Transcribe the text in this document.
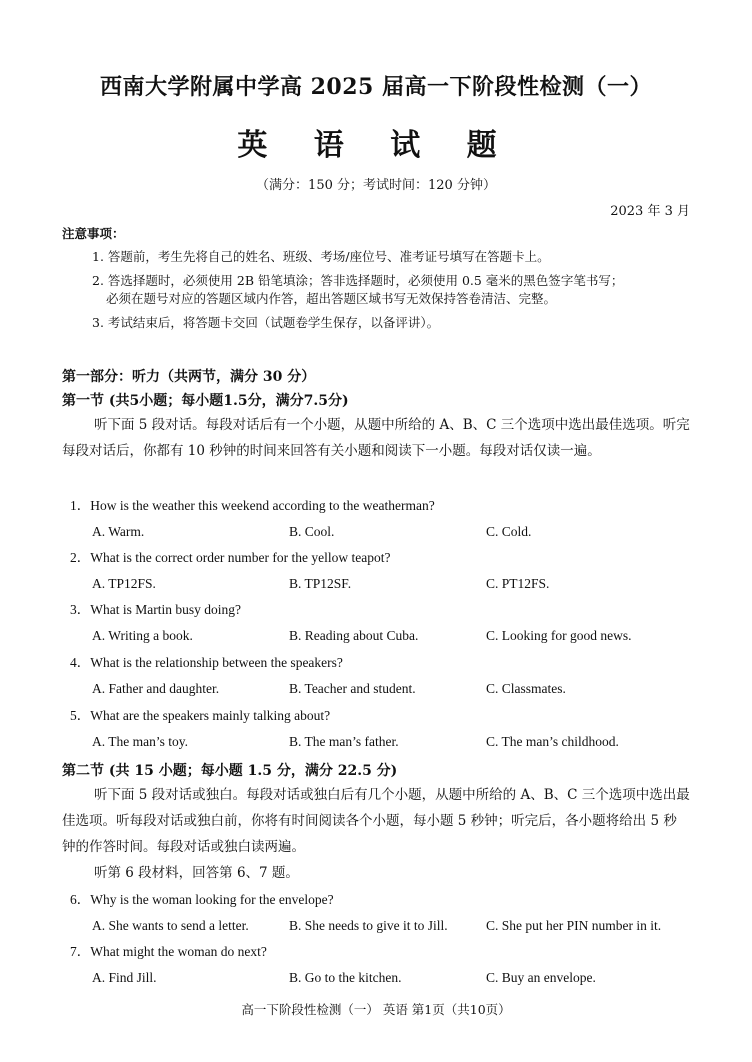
西南大学附属中学高 2025 届高一下阶段性检测（一）
英 语 试 题
（满分：150 分；考试时间：120 分钟）
2023 年 3 月
注意事项：
1. 答题前，考生先将自己的姓名、班级、考场/座位号、准考证号填写在答题卡上。
2. 答选择题时，必须使用 2B 铅笔填涂；答非选择题时，必须使用 0.5 毫米的黑色签字笔书写；
必须在题号对应的答题区域内作答，超出答题区域书写无效保持答卷清洁、完整。
3. 考试结束后，将答题卡交回（试题卷学生保存，以备评讲）。
第一部分：听力（共两节，满分 30 分）
第一节 (共5小题；每小题1.5分，满分7.5分)
听下面 5 段对话。每段对话后有一个小题，从题中所给的 A、B、C 三个选项中选出最佳选项。听完每段对话后，你都有 10 秒钟的时间来回答有关小题和阅读下一小题。每段对话仅读一遍。
1．How is the weather this weekend according to the weatherman?
A. Warm.	B. Cool.	C. Cold.
2．What is the correct order number for the yellow teapot?
A. TP12FS.	B. TP12SF.	C. PT12FS.
3．What is Martin busy doing?
A. Writing a book.	B. Reading about Cuba.	C. Looking for good news.
4．What is the relationship between the speakers?
A. Father and daughter.	B. Teacher and student.	C. Classmates.
5．What are the speakers mainly talking about?
A. The man’s toy.	B. The man’s father.	C. The man’s childhood.
第二节 (共 15 小题；每小题 1.5 分，满分 22.5 分)
听下面 5 段对话或独白。每段对话或独白后有几个小题，从题中所给的 A、B、C 三个选项中选出最佳选项。听每段对话或独白前，你将有时间阅读各个小题，每小题 5 秒钟；听完后，各小题将给出 5 秒钟的作答时间。每段对话或独白读两遍。
听第 6 段材料，回答第 6、7 题。
6．Why is the woman looking for the envelope?
A. She wants to send a letter.	B. She needs to give it to Jill.	C. She put her PIN number in it.
7．What might the woman do next?
A. Find Jill.	B. Go to the kitchen.	C. Buy an envelope.
高一下阶段性检测（一） 英语 第1页（共10页）
